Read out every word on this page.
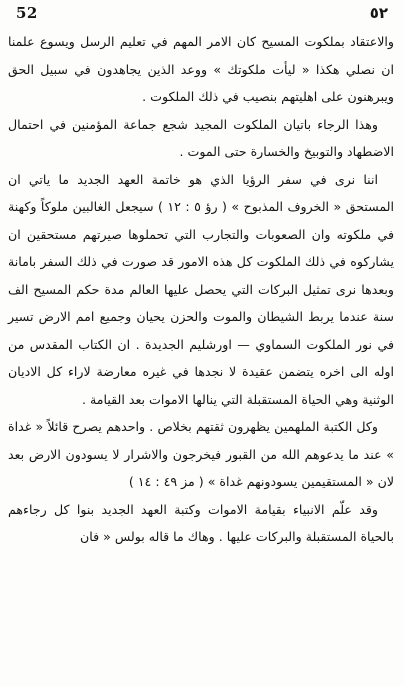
52	٥٢

والاعتقاد بملكوت المسيح كان الامر المهم في تعليم الرسل ويسوع علمنا ان نصلي هكذا « ليأت ملكوتك » ووعد الذين يجاهدون في سبيل الحق ويبرهنون على اهليتهم بنصيب في ذلك الملكوت .

وهذا الرجاء باتيان الملكوت المجيد شجع جماعة المؤمنين في احتمال الاضطهاد والتوبيخ والخسارة حتى الموت .

اننا نرى في سفر الرؤيا الذي هو خاتمة العهد الجديد ما ياتي ان المستحق « الخروف المذبوح » ( رؤ ٥ : ١٢ ) سيجعل الغالبين ملوكاً وكهنة في ملكوته وان الصعوبات والتجارب التي تحملوها صيرتهم مستحقين ان يشاركوه في ذلك الملكوت كل هذه الامور قد صورت في ذلك السفر بامانة وبعدها نرى تمثيل البركات التي يحصل عليها العالم مدة حكم المسيح الف سنة عندما يربط الشيطان والموت والحزن يحيان وجميع امم الارض تسير في نور الملكوت السماوي — اورشليم الجديدة . ان الكتاب المقدس من اوله الى اخره يتضمن عقيدة لا نجدها في غيره معارضة لاراء كل الاديان الوثنية وهي الحياة المستقبلة التي ينالها الاموات بعد القيامة .

وكل الكتبة الملهمين يظهرون ثقتهم بخلاص . واحدهم يصرح قائلاً « غداة » عند ما يدعوهم الله من القبور فيخرجون والاشرار لا يسودون الارض بعد لان « المستقيمين يسودونهم غداة » ( مز ٤٩ : ١٤ )

وقد علّم الانبياء بقيامة الاموات وكتبة العهد الجديد بنوا كل رجاءهم بالحياة المستقبلة والبركات عليها . وهاك ما قاله بولس « فان
